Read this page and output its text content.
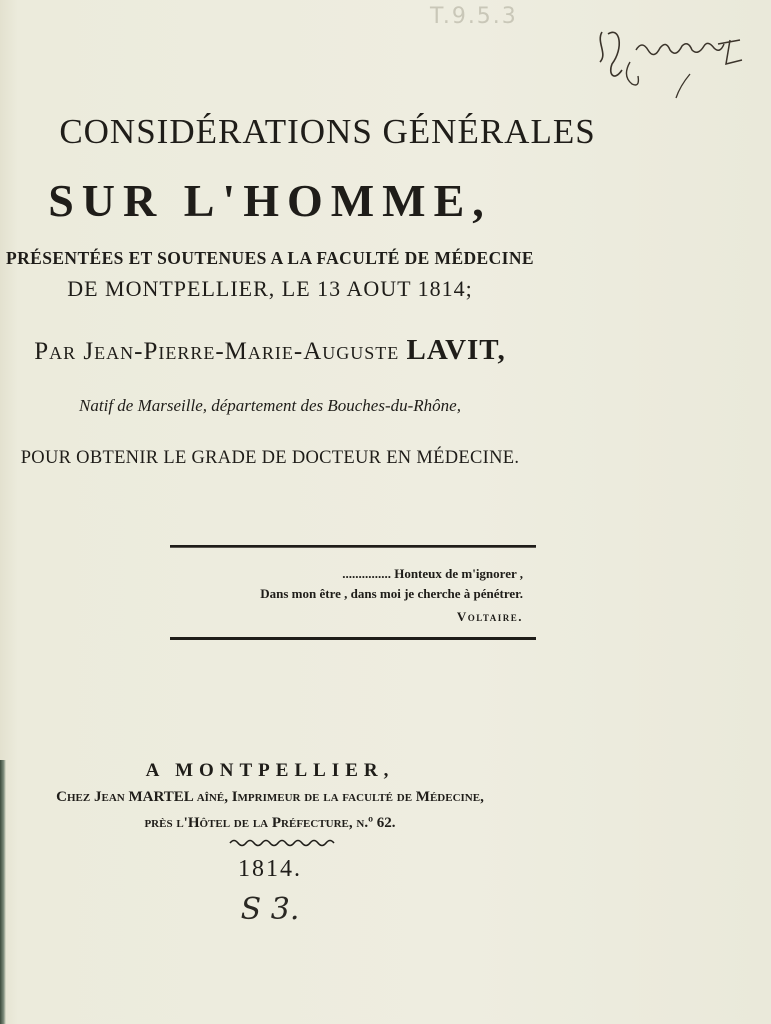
T.9.5.3
CONSIDÉRATIONS GÉNÉRALES
SUR L'HOMME,
PRÉSENTÉES ET SOUTENUES A LA FACULTÉ DE MÉDECINE
DE MONTPELLIER, LE 13 AOUT 1814;
Par Jean-Pierre-Marie-Auguste LAVIT,
Natif de Marseille, département des Bouches-du-Rhône,
POUR OBTENIR LE GRADE DE DOCTEUR EN MÉDECINE.
............... Honteux de m'ignorer ,
Dans mon être , dans moi je cherche à pénétrer.
Voltaire.
A MONTPELLIER,
Chez Jean MARTEL aîné, Imprimeur de la faculté de Médecine,
près l'Hôtel de la Préfecture, n.º 62.
1814.
S 3.
